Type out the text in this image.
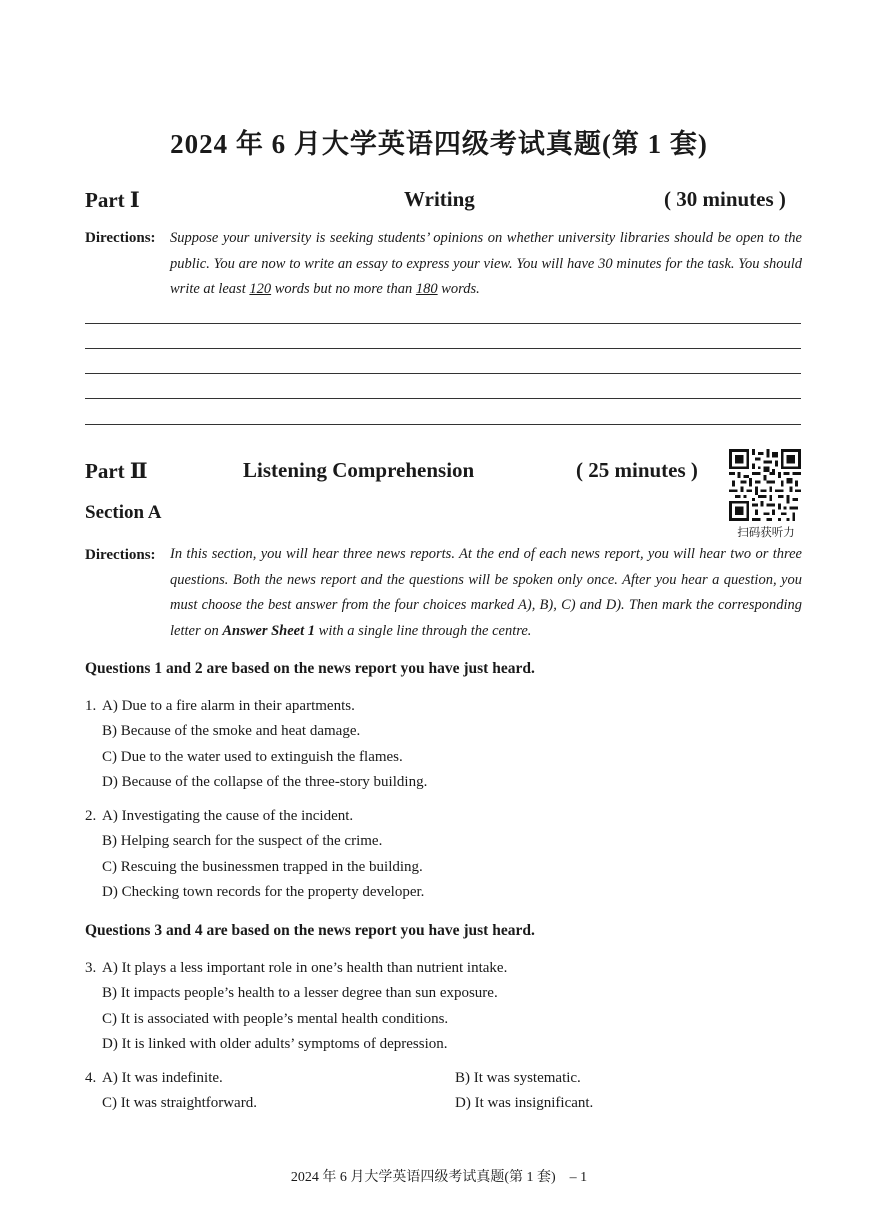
2024 年 6 月大学英语四级考试真题(第 1 套)
Part Ⅰ	Writing	( 30 minutes )
Directions: Suppose your university is seeking students’ opinions on whether university libraries should be open to the public. You are now to write an essay to express your view. You will have 30 minutes for the task. You should write at least 120 words but no more than 180 words.
Part Ⅱ	Listening Comprehension	( 25 minutes )
Section A
扫码获听力
Directions: In this section, you will hear three news reports. At the end of each news report, you will hear two or three questions. Both the news report and the questions will be spoken only once. After you hear a question, you must choose the best answer from the four choices marked A), B), C) and D). Then mark the corresponding letter on Answer Sheet 1 with a single line through the centre.
Questions 1 and 2 are based on the news report you have just heard.
1. A) Due to a fire alarm in their apartments.
B) Because of the smoke and heat damage.
C) Due to the water used to extinguish the flames.
D) Because of the collapse of the three-story building.
2. A) Investigating the cause of the incident.
B) Helping search for the suspect of the crime.
C) Rescuing the businessmen trapped in the building.
D) Checking town records for the property developer.
Questions 3 and 4 are based on the news report you have just heard.
3. A) It plays a less important role in one’s health than nutrient intake.
B) It impacts people’s health to a lesser degree than sun exposure.
C) It is associated with people’s mental health conditions.
D) It is linked with older adults’ symptoms of depression.
4. A) It was indefinite.
C) It was straightforward.
B) It was systematic.
D) It was insignificant.
2024 年 6 月大学英语四级考试真题(第 1 套)　– 1
